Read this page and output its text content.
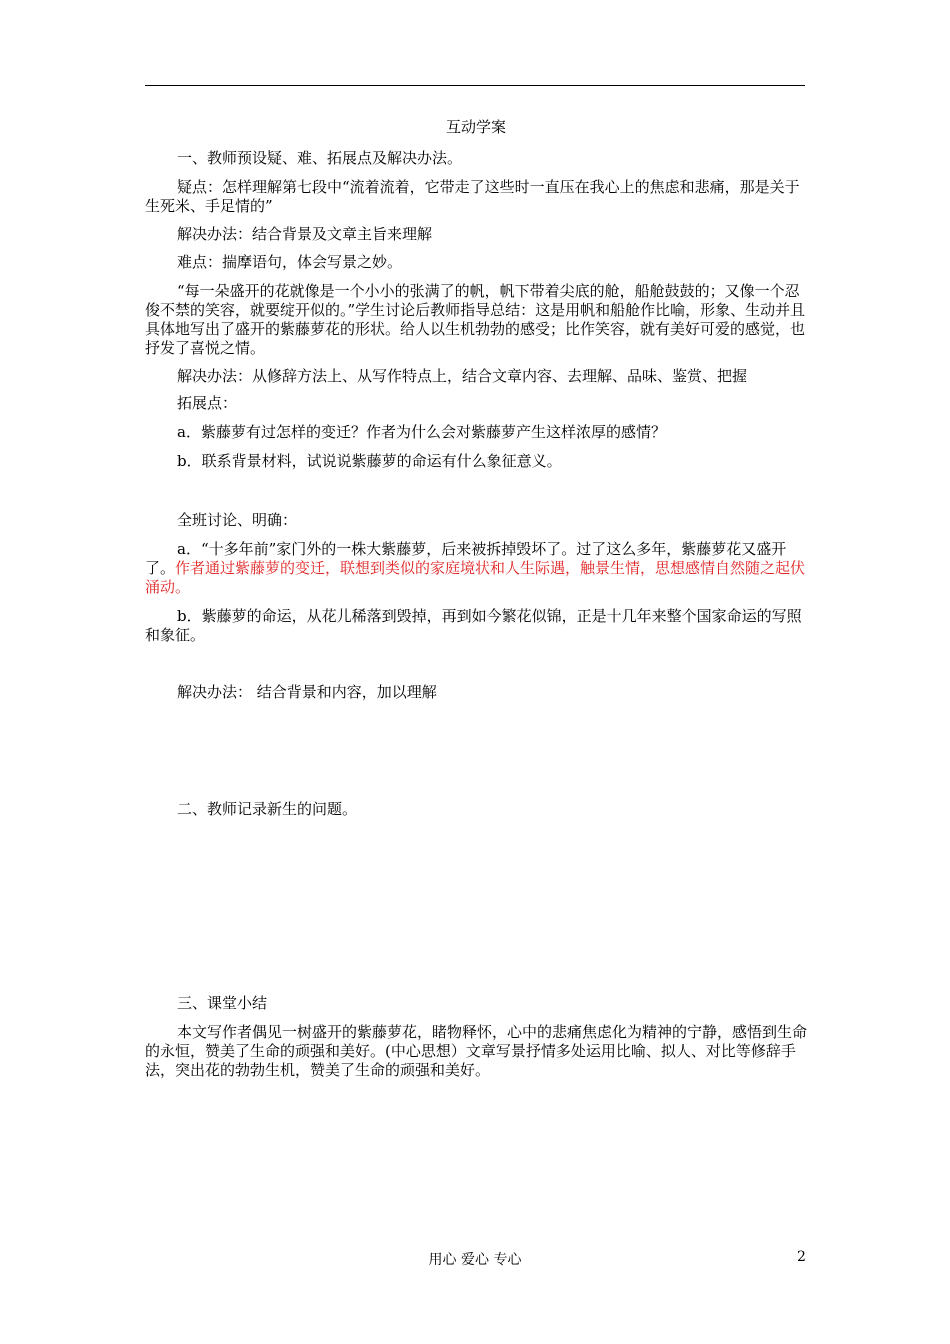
互动学案

一、教师预设疑、难、拓展点及解决办法。

疑点：怎样理解第七段中“流着流着，它带走了这些时一直压在我心上的焦虑和悲痛，那是关于生死米、手足情的”

解决办法：结合背景及文章主旨来理解

难点：揣摩语句，体会写景之妙。

“每一朵盛开的花就像是一个小小的张满了的帆，帆下带着尖底的舱，船舱鼓鼓的；又像一个忍俊不禁的笑容，就要绽开似的。”学生讨论后教师指导总结：这是用帆和船舱作比喻，形象、生动并且具体地写出了盛开的紫藤萝花的形状。给人以生机勃勃的感受；比作笑容，就有美好可爱的感觉，也抒发了喜悦之情。

解决办法：从修辞方法上、从写作特点上，结合文章内容、去理解、品味、鉴赏、把握

拓展点：

a．紫藤萝有过怎样的变迁？作者为什么会对紫藤萝产生这样浓厚的感情？

b．联系背景材料，试说说紫藤萝的命运有什么象征意义。

全班讨论、明确：

a．“十多年前”家门外的一株大紫藤萝，后来被拆掉毁坏了。过了这么多年，紫藤萝花又盛开了。作者通过紫藤萝的变迁，联想到类似的家庭境状和人生际遇，触景生情，思想感情自然随之起伏涌动。

b．紫藤萝的命运，从花儿稀落到毁掉，再到如今繁花似锦，正是十几年来整个国家命运的写照和象征。

解决办法： 结合背景和内容，加以理解

二、教师记录新生的问题。

三、课堂小结

本文写作者偶见一树盛开的紫藤萝花，睹物释怀，心中的悲痛焦虑化为精神的宁静，感悟到生命的永恒，赞美了生命的顽强和美好。(中心思想）文章写景抒情多处运用比喻、拟人、对比等修辞手法，突出花的勃勃生机，赞美了生命的顽强和美好。

用心 爱心 专心	2
